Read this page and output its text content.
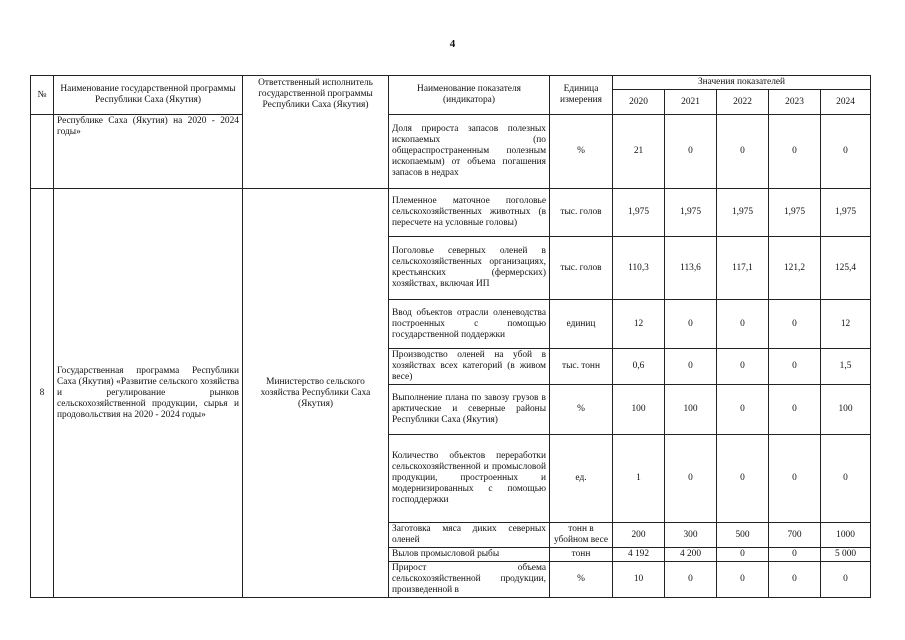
4
№	Наименование государственной программы Республики Саха (Якутия)	Ответственный исполнитель государственной программы Республики Саха (Якутия)	Наименование показателя (индикатора)	Единица измерения	Значения показателей				
					2020	2021	2022	2023	2024

	Республике Саха (Якутия) на 2020 - 2024 годы»		Доля прироста запасов полезных ископаемых (по общераспространенным полезным ископаемым) от объема погашения запасов в недрах	%	21	0	0	0	0
8	Государственная программа Республики Саха (Якутия) «Развитие сельского хозяйства и регулирование рынков сельскохозяйственной продукции, сырья и продовольствия на 2020 - 2024 годы»	Министерство сельского хозяйства Республики Саха (Якутия)	Племенное маточное поголовье сельскохозяйственных животных (в пересчете на условные головы)	тыс. голов	1,975	1,975	1,975	1,975	1,975
			Поголовье северных оленей в сельскохозяйственных организациях, крестьянских (фермерских) хозяйствах, включая ИП	тыс. голов	110,3	113,6	117,1	121,2	125,4
			Ввод объектов отрасли оленеводства построенных с помощью государственной поддержки	единиц	12	0	0	0	12
			Производство оленей на убой в хозяйствах всех категорий (в живом весе)	тыс. тонн	0,6	0	0	0	1,5
			Выполнение плана по завозу грузов в арктические и северные районы Республики Саха (Якутия)	%	100	100	0	0	100
			Количество объектов переработки сельскохозяйственной и промысловой продукции, простроенных и модернизированных с помощью господдержки	ед.	1	0	0	0	0
			Заготовка мяса диких северных оленей	тонн в убойном весе	200	300	500	700	1000
			Вылов промысловой рыбы	тонн	4 192	4 200	0	0	5 000
			Прирост объема сельскохозяйственной продукции, произведенной в	%	10	0	0	0	0
